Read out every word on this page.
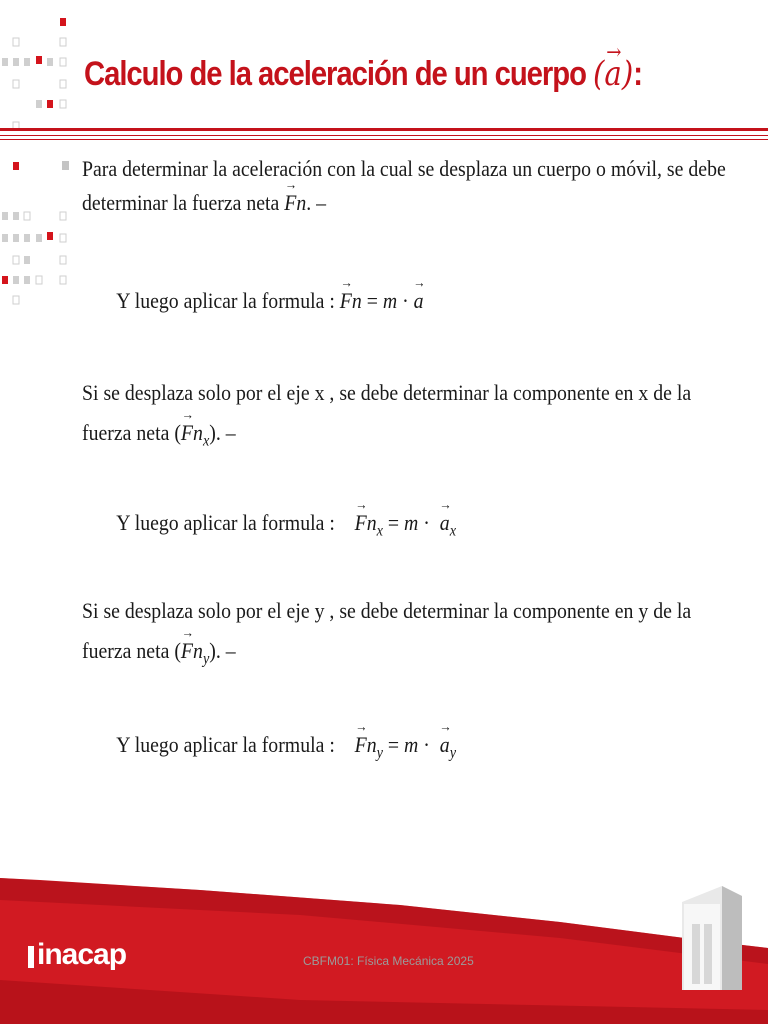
Calculo de la aceleración de un cuerpo (→ a):

Para determinar la aceleración con la cual se desplaza un cuerpo o móvil, se debe

determinar la fuerza neta → Fn. –

Y luego aplicar la formula : → Fn = m · → a

Si se desplaza solo por el eje x , se debe determinar la componente en x de la

fuerza neta (→ $Fn_x$). –

Y luego aplicar la formula : → $Fn_x = m$ ·  → $a_x$

Si se desplaza solo por el eje y , se debe determinar la componente en y de la

fuerza neta (→ $Fn_y$). –

Y luego aplicar la formula : → $Fn_y = m$ ·  → $a_y$

inacap	CBFM01: Física Mecánica 2025
